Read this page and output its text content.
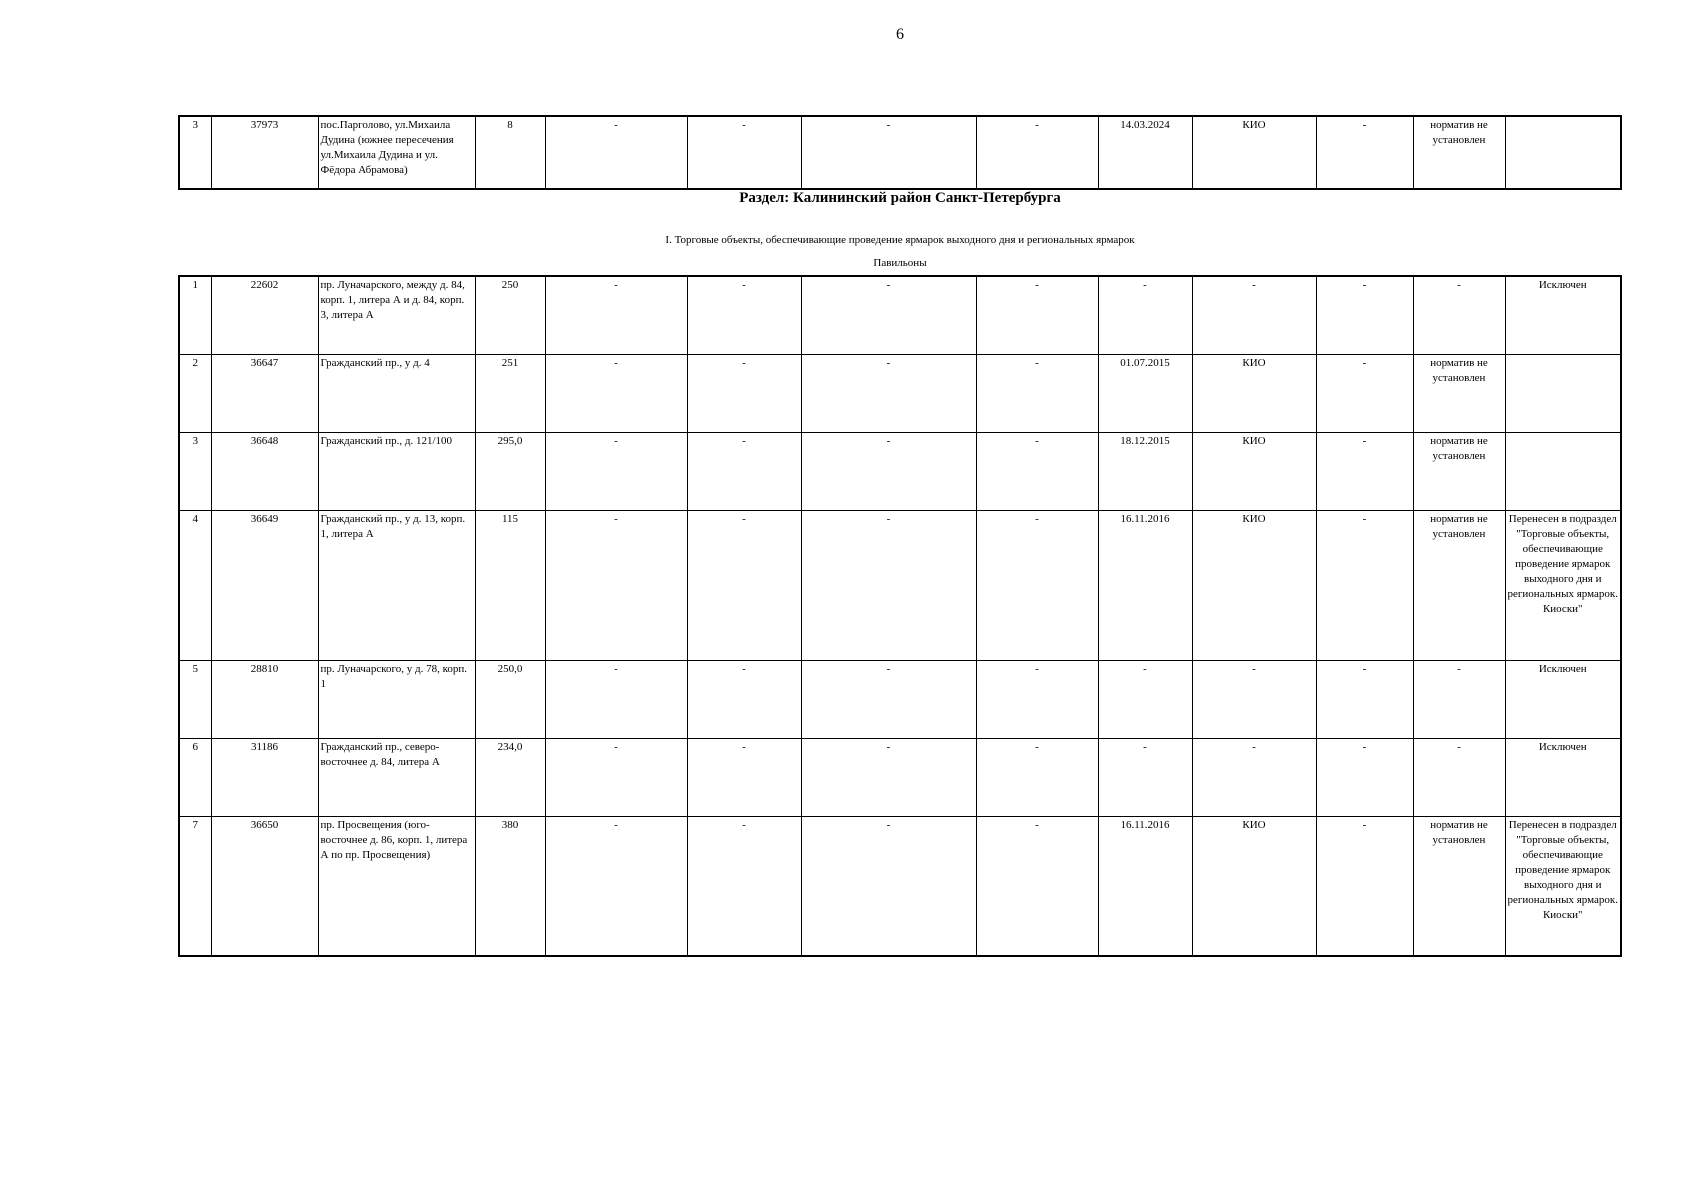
6
3	37973	пос.Парголово, ул.Михаила Дудина (южнее пересечения ул.Михаила Дудина и ул. Фёдора Абрамова)	8	-	-	-	-	14.03.2024	КИО	-	норматив не установлен	
Раздел: Калининский район Санкт-Петербурга
I. Торговые объекты, обеспечивающие проведение ярмарок выходного дня и региональных ярмарок
Павильоны
1	22602	пр. Луначарского, между д. 84, корп. 1, литера А и д. 84, корп. 3, литера А	250	-	-	-	-	-	-	-	-	Исключен
2	36647	Гражданский пр., у д. 4	251	-	-	-	-	01.07.2015	КИО	-	норматив не установлен	
3	36648	Гражданский пр., д. 121/100	295,0	-	-	-	-	18.12.2015	КИО	-	норматив не установлен	
4	36649	Гражданский пр., у д. 13, корп. 1, литера А	115	-	-	-	-	16.11.2016	КИО	-	норматив не установлен	Перенесен в подраздел "Торговые объекты, обеспечивающие проведение ярмарок выходного дня и региональных ярмарок. Киоски"
5	28810	пр. Луначарского, у д. 78, корп. 1	250,0	-	-	-	-	-	-	-	-	Исключен
6	31186	Гражданский пр., северо-восточнее д. 84, литера А	234,0	-	-	-	-	-	-	-	-	Исключен
7	36650	пр. Просвещения (юго-восточнее д. 86, корп. 1, литера А по пр. Просвещения)	380	-	-	-	-	16.11.2016	КИО	-	норматив не установлен	Перенесен в подраздел "Торговые объекты, обеспечивающие проведение ярмарок выходного дня и региональных ярмарок. Киоски"
